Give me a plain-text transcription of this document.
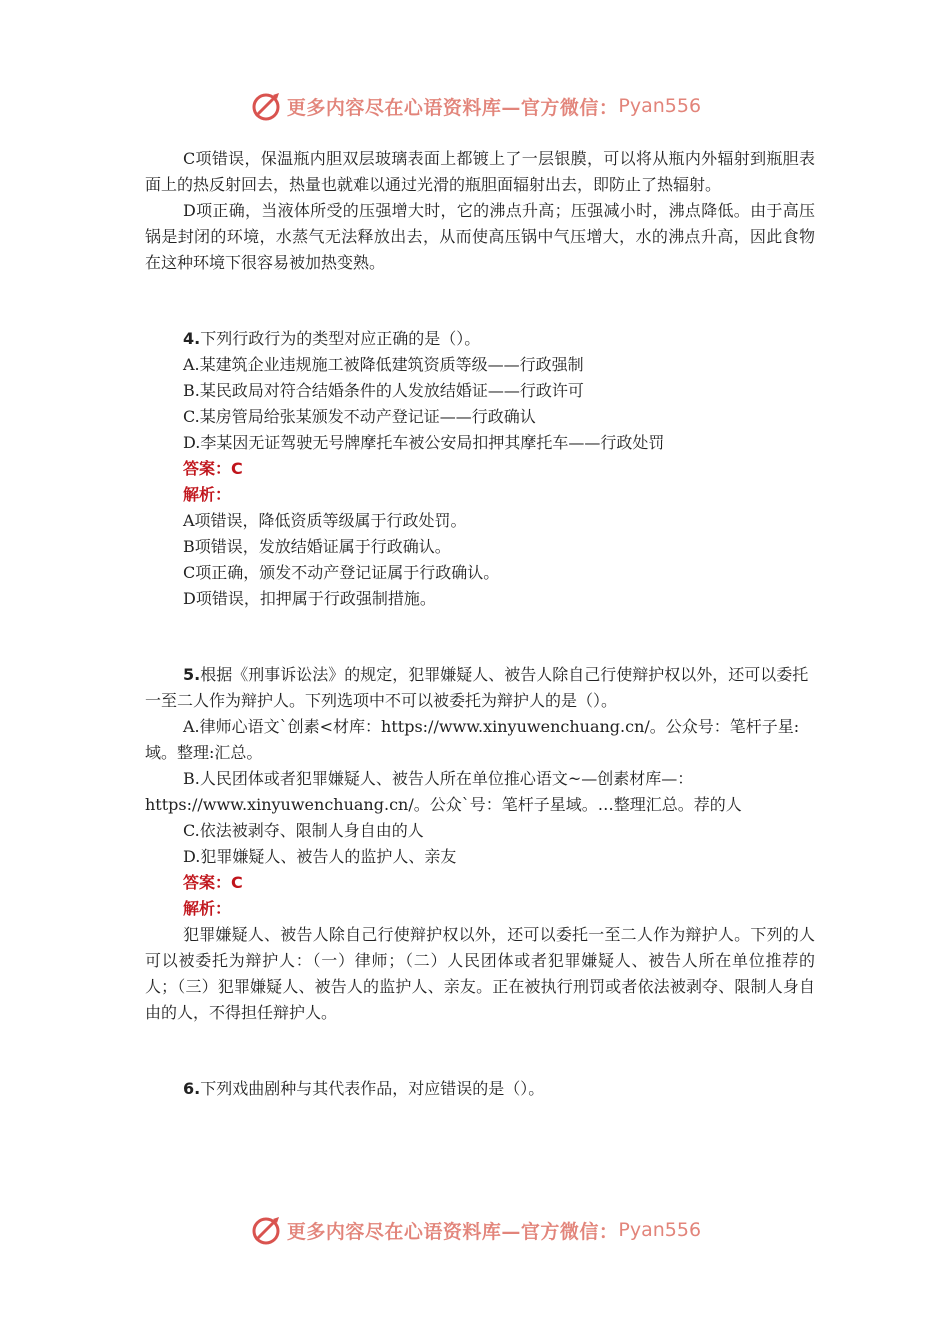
更多内容尽在心语资料库—官方微信： Pyan556

C项错误，保温瓶内胆双层玻璃表面上都镀上了一层银膜，可以将从瓶内外辐射到瓶胆表面上的热反射回去，热量也就难以通过光滑的瓶胆面辐射出去，即防止了热辐射。

D项正确，当液体所受的压强增大时，它的沸点升高；压强减小时，沸点降低。由于高压锅是封闭的环境，水蒸气无法释放出去，从而使高压锅中气压增大，水的沸点升高，因此食物在这种环境下很容易被加热变熟。

4.下列行政行为的类型对应正确的是（）。

A.某建筑企业违规施工被降低建筑资质等级——行政强制

B.某民政局对符合结婚条件的人发放结婚证——行政许可

C.某房管局给张某颁发不动产登记证——行政确认

D.李某因无证驾驶无号牌摩托车被公安局扣押其摩托车——行政处罚

答案：C

解析：

A项错误，降低资质等级属于行政处罚。

B项错误，发放结婚证属于行政确认。

C项正确，颁发不动产登记证属于行政确认。

D项错误，扣押属于行政强制措施。

5.根据《刑事诉讼法》的规定，犯罪嫌疑人、被告人除自己行使辩护权以外，还可以委托一至二人作为辩护人。下列选项中不可以被委托为辩护人的是（）。

A.律师心语文`创素<材库：https://www.xinyuwenchuang.cn/。公众号：笔杆子星:域。整理:汇总。

B.人民团体或者犯罪嫌疑人、被告人所在单位推心语文~—创素材库—：https://www.xinyuwenchuang.cn/。公众`号：笔杆子星域。…整理汇总。荐的人

C.依法被剥夺、限制人身自由的人

D.犯罪嫌疑人、被告人的监护人、亲友

答案：C

解析：

犯罪嫌疑人、被告人除自己行使辩护权以外，还可以委托一至二人作为辩护人。下列的人可以被委托为辩护人：（一）律师；（二）人民团体或者犯罪嫌疑人、被告人所在单位推荐的人；（三）犯罪嫌疑人、被告人的监护人、亲友。正在被执行刑罚或者依法被剥夺、限制人身自由的人，不得担任辩护人。

6.下列戏曲剧种与其代表作品，对应错误的是（）。

更多内容尽在心语资料库—官方微信： Pyan556
